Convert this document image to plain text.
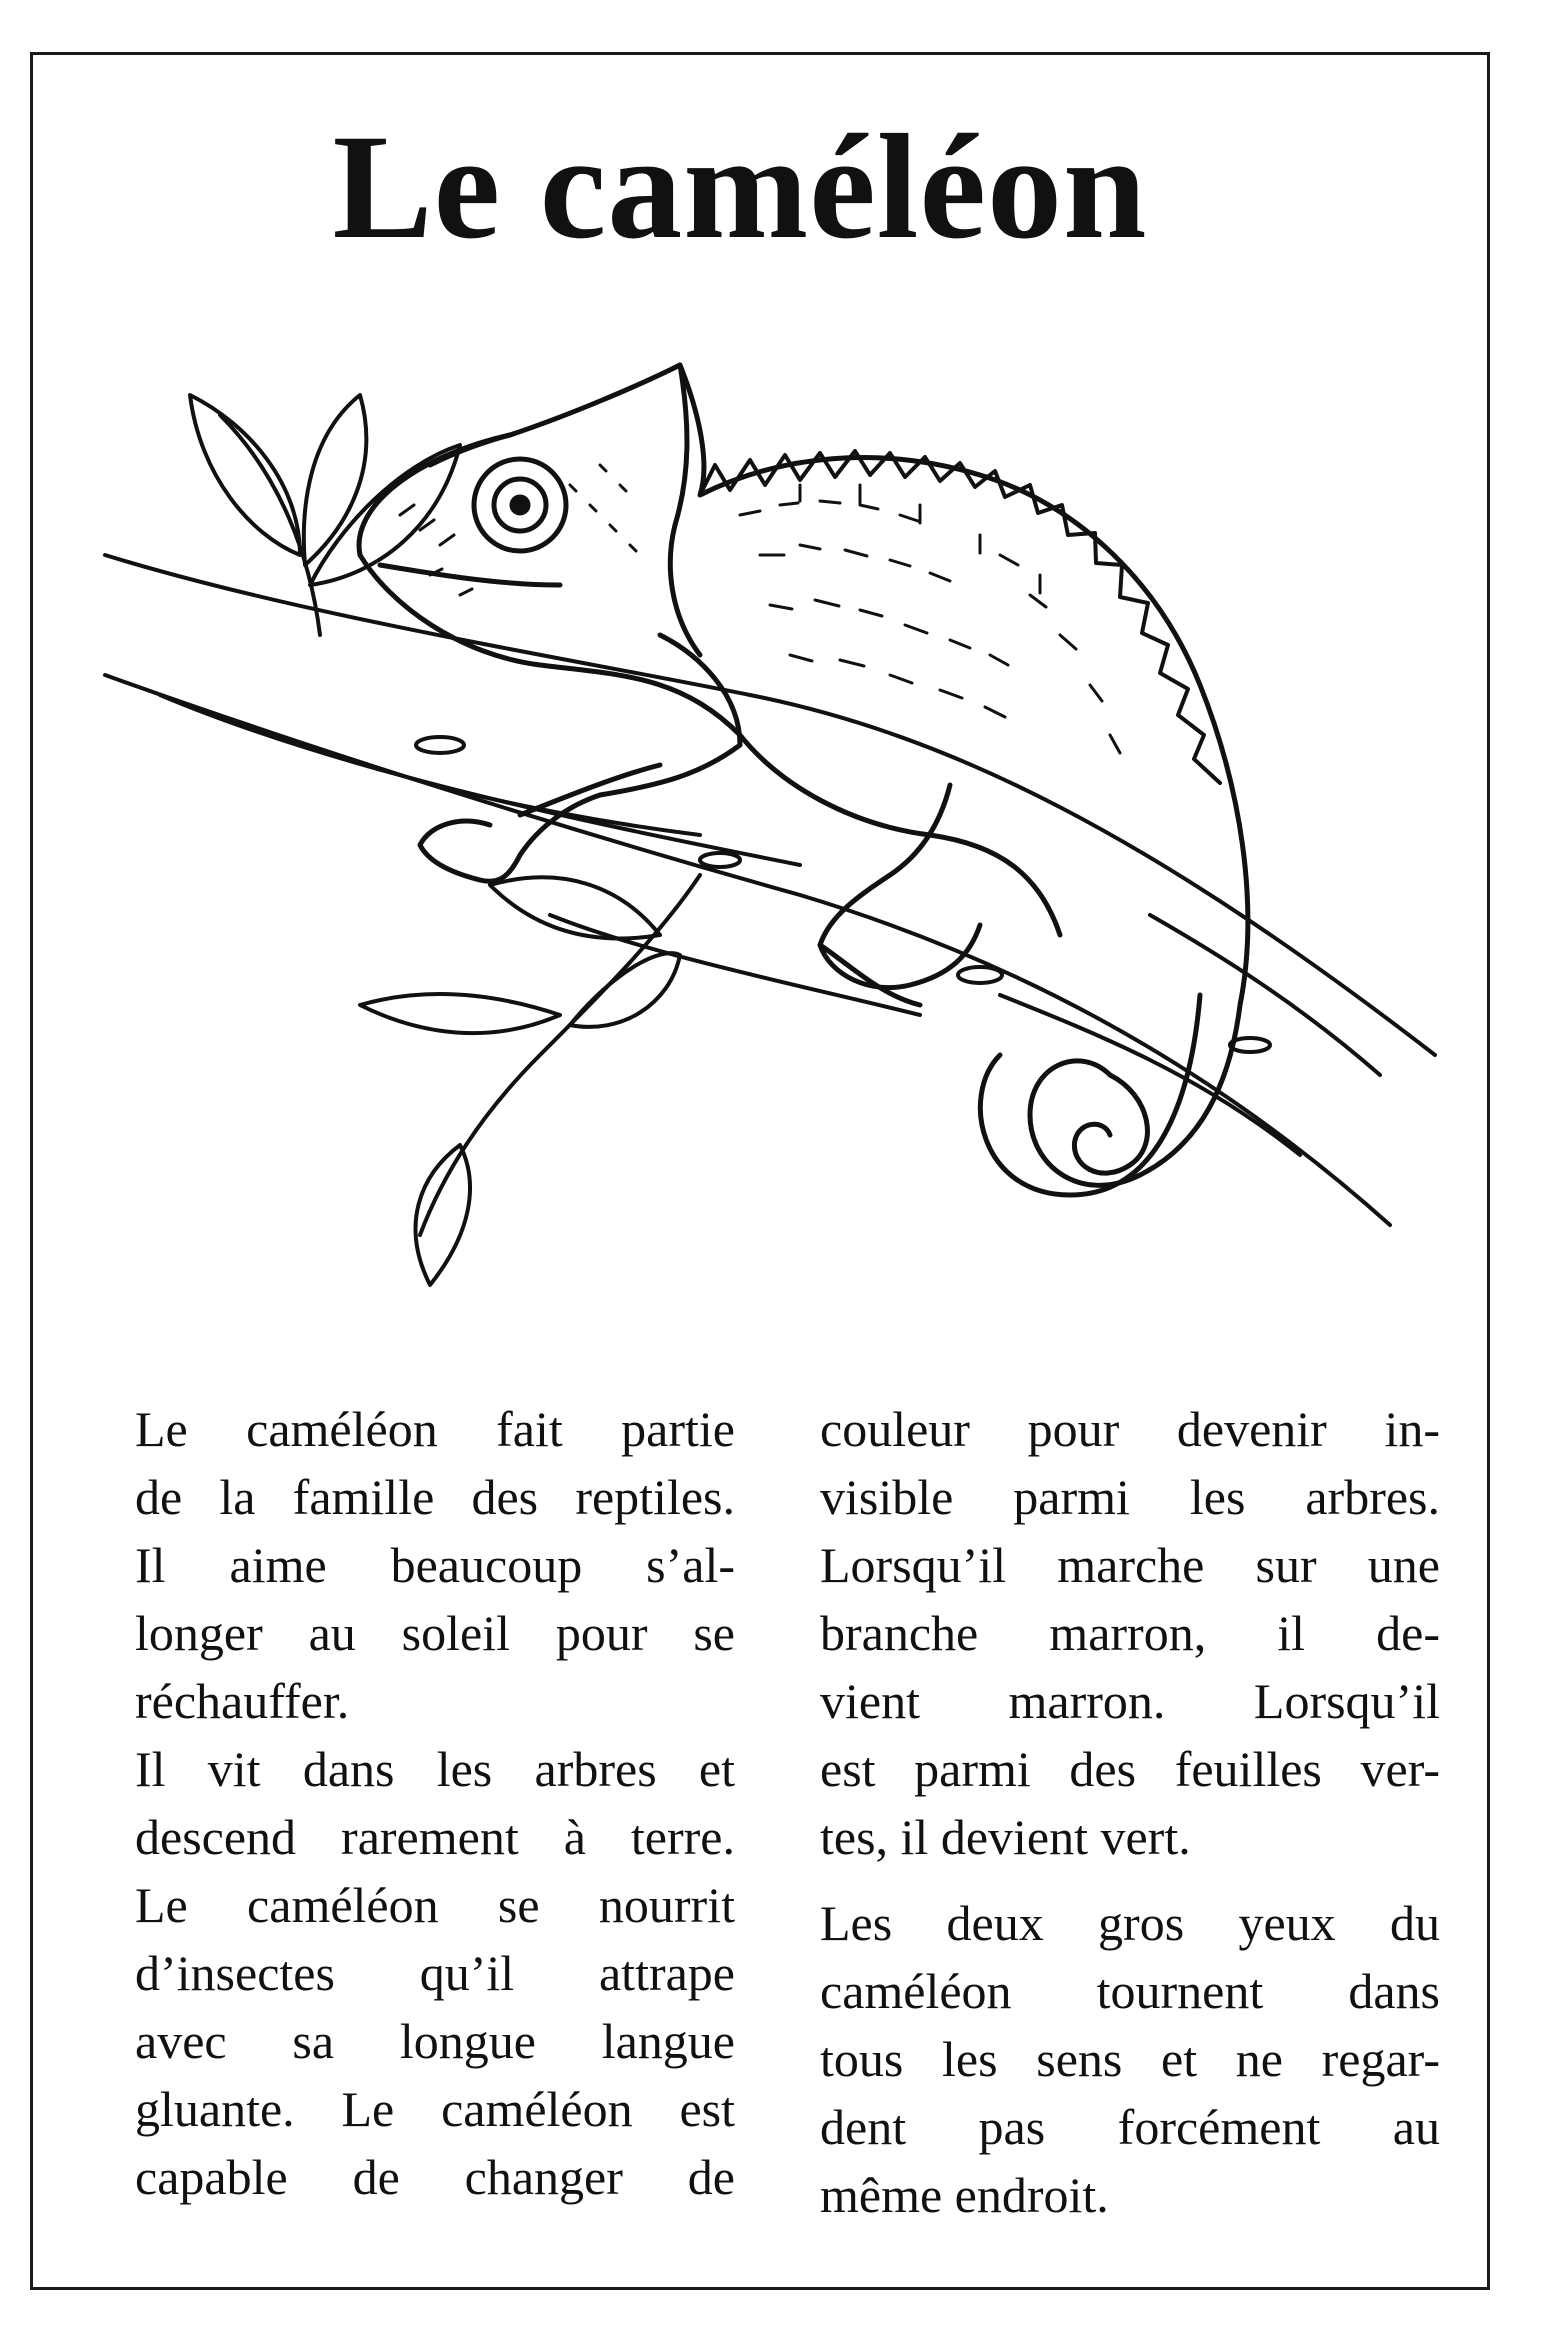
Le caméléon

Le caméléon fait partie
de la famille des reptiles.
Il aime beaucoup s’al-
longer au soleil pour se
réchauffer.

Il vit dans les arbres et
descend rarement à terre.

Le caméléon se nourrit
d’insectes qu’il attrape
avec sa longue langue
gluante. Le caméléon est
capable de changer de

couleur pour devenir in-
visible parmi les arbres.
Lorsqu’il marche sur une
branche marron, il de-
vient marron. Lorsqu’il
est parmi des feuilles ver-
tes, il devient vert.

Les deux gros yeux du
caméléon tournent dans
tous les sens et ne regar-
dent pas forcément au
même endroit.
